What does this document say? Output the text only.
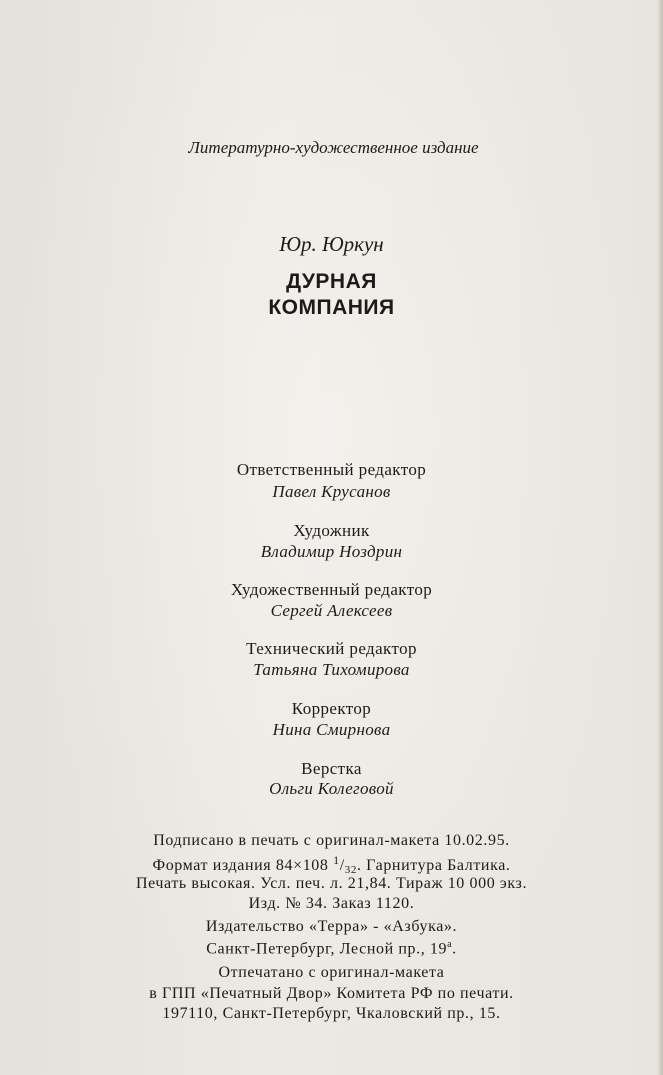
Литературно-художественное издание
Юр. Юркун
ДУРНАЯ
КОМПАНИЯ
Ответственный редактор
Павел Крусанов
Художник
Владимир Ноздрин
Художественный редактор
Сергей Алексеев
Технический редактор
Татьяна Тихомирова
Корректор
Нина Смирнова
Верстка
Ольги Колеговой
Подписано в печать с оригинал-макета 10.02.95.
Формат издания 84×108 $^1$/32. Гарнитура Балтика.
Печать высокая. Усл. печ. л. 21,84. Тираж 10 000 экз.
Изд. № 34. Заказ 1120.
Издательство «Терра» - «Азбука».
Санкт-Петербург, Лесной пр., $19^а$.
Отпечатано с оригинал-макета
в ГПП «Печатный Двор» Комитета РФ по печати.
197110, Санкт-Петербург, Чкаловский пр., 15.
